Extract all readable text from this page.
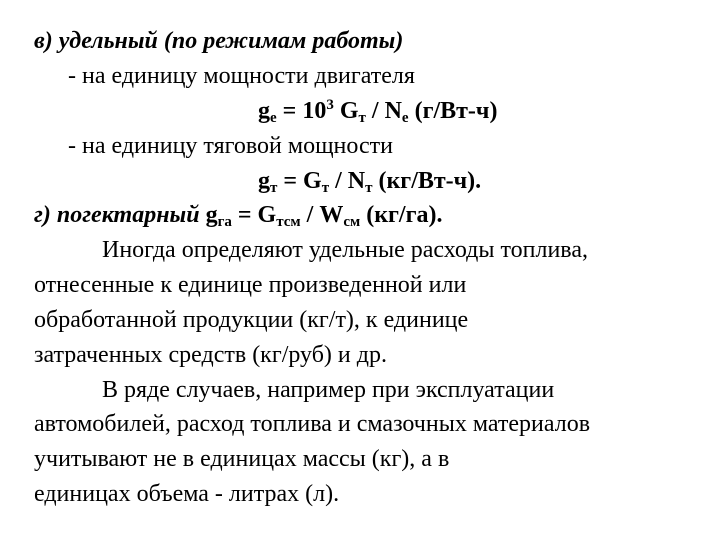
в) удельный (по режимам работы)
- на единицу мощности двигателя
$g_е = 10^3$ $G_т / N_е$ (г/Вт-ч)
- на единицу тяговой мощности
$g_т = G_т / N_т$ (кг/Вт-ч).
г) погектарный $g_{га} = G_{тсм} / W_{см}$ (кг/га).
Иногда определяют удельные расходы топлива,
отнесенные к единице произведенной или
обработанной продукции (кг/т), к единице
затраченных средств (кг/руб) и др.
В ряде случаев, например при эксплуатации
автомобилей, расход топлива и смазочных материалов
учитывают не в единицах массы (кг), а в
единицах объема - литрах (л).
